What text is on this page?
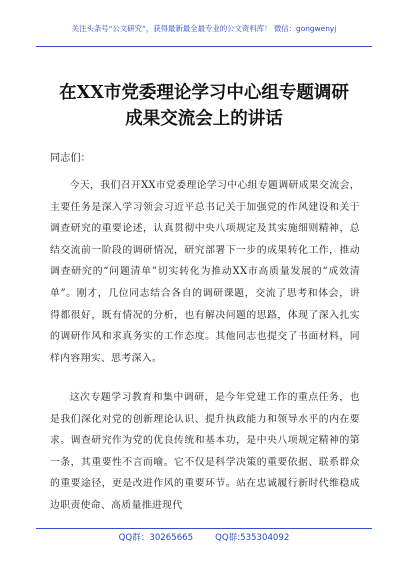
关注头条号“公文研究”，获得最新最全最专业的公文资料库！ 微信：gongwenyj
在XX市党委理论学习中心组专题调研
成果交流会上的讲话
同志们：
今天，我们召开XX市党委理论学习中心组专题调研成果交流会，主要任务是深入学习领会习近平总书记关于加强党的作风建设和关于调查研究的重要论述，认真贯彻中央八项规定及其实施细则精神，总结交流前一阶段的调研情况，研究部署下一步的成果转化工作，推动调查研究的“问题清单”切实转化为推动XX市高质量发展的“成效清单”。刚才，几位同志结合各自的调研课题，交流了思考和体会，讲得都很好，既有情况的分析，也有解决问题的思路，体现了深入扎实的调研作风和求真务实的工作态度。其他同志也提交了书面材料，同样内容翔实、思考深入。
这次专题学习教育和集中调研，是今年党建工作的重点任务，也是我们深化对党的创新理论认识、提升执政能力和领导水平的内在要求。调查研究作为党的优良传统和基本功，是中央八项规定精神的第一条，其重要性不言而喻。它不仅是科学决策的重要依据、联系群众的重要途径，更是改进作风的重要环节。站在忠诚履行新时代维稳成边职责使命、高质量推进现代
QQ群：30265665	QQ群:535304092
